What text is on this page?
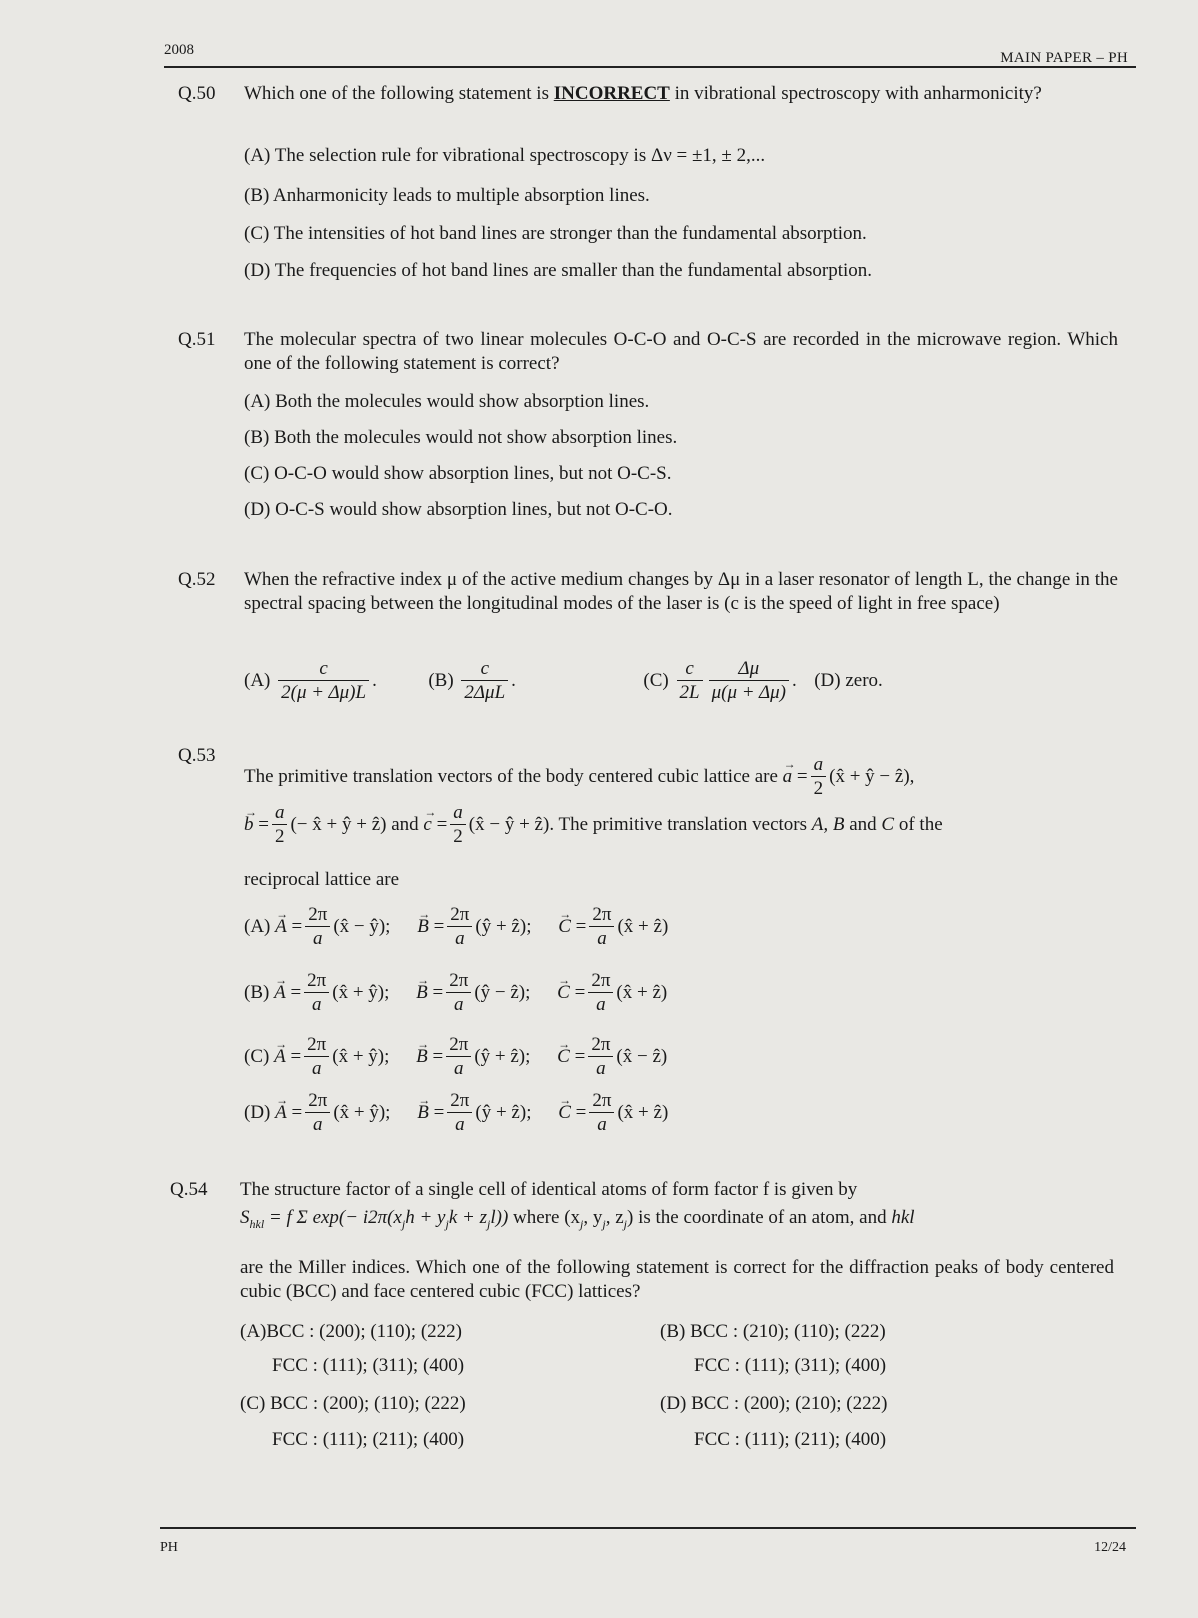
2008	MAIN PAPER – PH
Q.50 Which one of the following statement is INCORRECT in vibrational spectroscopy with anharmonicity?
(A) The selection rule for vibrational spectroscopy is Δν = ±1, ± 2,...
(B) Anharmonicity leads to multiple absorption lines.
(C) The intensities of hot band lines are stronger than the fundamental absorption.
(D) The frequencies of hot band lines are smaller than the fundamental absorption.
Q.51 The molecular spectra of two linear molecules O-C-O and O-C-S are recorded in the microwave region. Which one of the following statement is correct?
(A) Both the molecules would show absorption lines.
(B) Both the molecules would not show absorption lines.
(C) O-C-O would show absorption lines, but not O-C-S.
(D) O-C-S would show absorption lines, but not O-C-O.
Q.52 When the refractive index μ of the active medium changes by Δμ in a laser resonator of length L, the change in the spectral spacing between the longitudinal modes of the laser is (c is the speed of light in free space)
$(A) \frac{c}{2(\mu + \Delta\mu)L}$ .  $(B) \frac{c}{\text{2ΔμL}}$ .	$(C) \frac{c}{2L} \frac{\Delta\mu}{\mu(\mu + \Delta\mu)}$ .  (D) zero.
Q.53
The primitive translation vectors of the body centered cubic lattice are → $a = \frac{a}{2}$ (x̂ + ŷ − ẑ),
→ $b = \frac{a}{2}$ (− x̂ + ŷ + ẑ) and → $c = \frac{a}{2}$ (x̂ − ŷ + ẑ). The primitive translation vectors A, B and C of the
reciprocal lattice are
$(A) \to A = \frac{2\pi}{a}$ (x̂ − ŷ); → $B = \frac{2\pi}{a}$ (ŷ + ẑ); → $C = \frac{2\pi}{a}$ (x̂ + ẑ)
$(B) \to A = \frac{2\pi}{a}$ (x̂ + ŷ); → $B = \frac{2\pi}{a}$ (ŷ − ẑ); → $C = \frac{2\pi}{a}$ (x̂ + ẑ)
$(C) \to A = \frac{2\pi}{a}$ (x̂ + ŷ); → $B = \frac{2\pi}{a}$ (ŷ + ẑ); → $C = \frac{2\pi}{a}$ (x̂ − ẑ)
$(D) \to A = \frac{2\pi}{a}$ (x̂ + ŷ); → $B = \frac{2\pi}{a}$ (ŷ + ẑ); → $C = \frac{2\pi}{a}$ (x̂ + ẑ)
Q.54 The structure factor of a single cell of identical atoms of form factor f is given by
$S_{hkl} = f$ Σ $\exp(- i2\pi(x_jh + y_jk + z_jl))$ where ($x_j$, $y_j$, $z_j$) is the coordinate of an atom, and hkl
are the Miller indices. Which one of the following statement is correct for the diffraction peaks of body centered cubic (BCC) and face centered cubic (FCC) lattices?
(A)BCC : (200); (110); (222)
FCC : (111); (311); (400)
(B) BCC : (210); (110); (222)
FCC : (111); (311); (400)
(C) BCC : (200); (110); (222)
FCC : (111); (211); (400)
(D) BCC : (200); (210); (222)
FCC : (111); (211); (400)
PH	12/24
